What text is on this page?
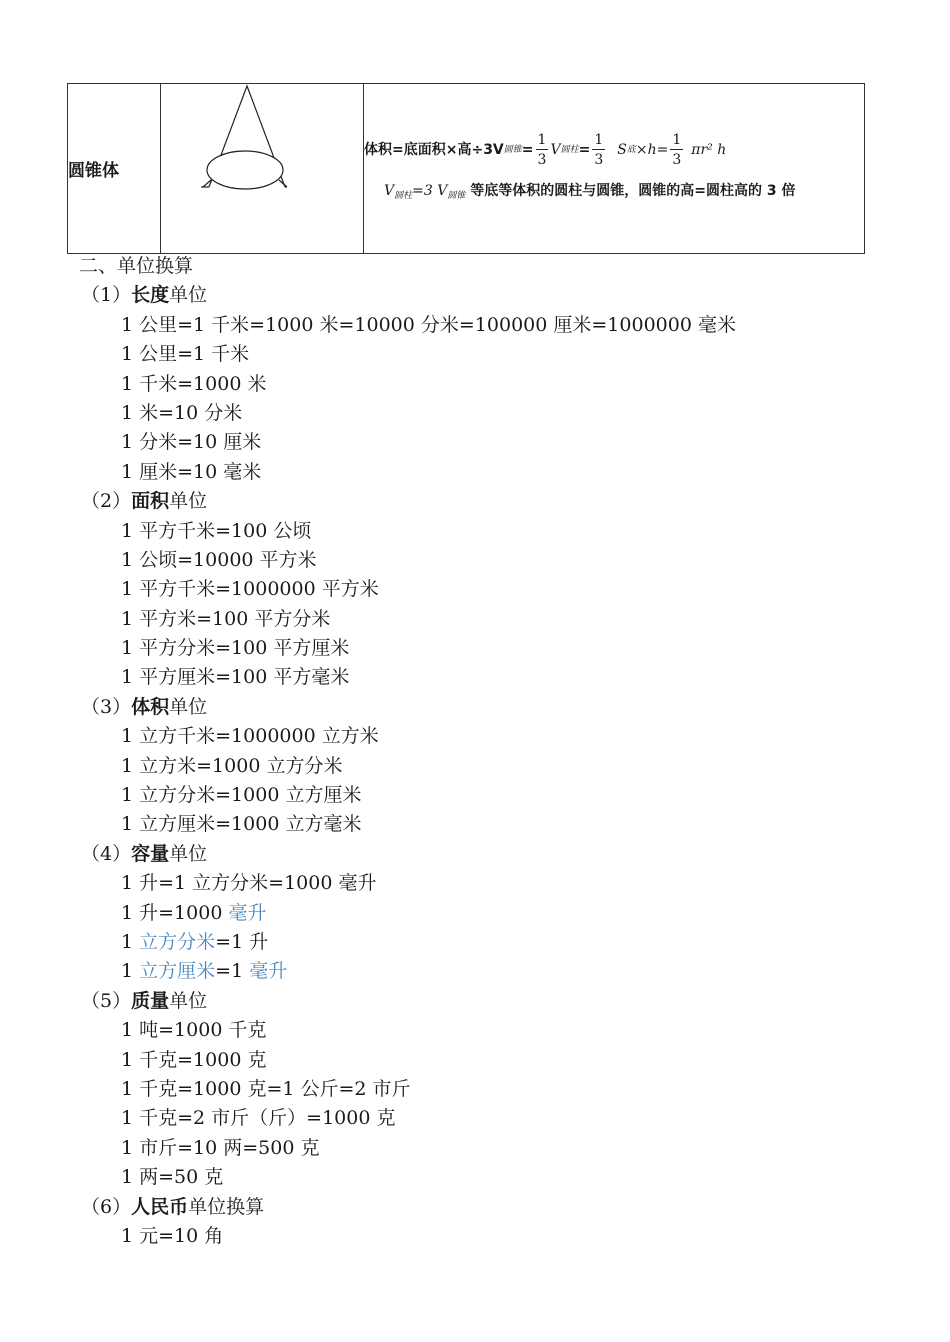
圆锥体		
体积=底面积×高÷3V 圆锥 = $\frac{1}{3}$ V 圆柱 = $\frac{1}{3}$ S 底 $\times h= \frac{1}{3} \pi r^2$ h
$V_{圆柱}=3$ $V_{圆锥}$ 等底等体积的圆柱与圆锥，圆锥的高=圆柱高的 3 倍
二、单位换算
（1）长度单位
1 公里=1 千米=1000 米=10000 分米=100000 厘米=1000000 毫米
1 公里=1 千米
1 千米=1000 米
1 米=10 分米
1 分米=10 厘米
1 厘米=10 毫米
（2）面积单位
1 平方千米=100 公顷
1 公顷=10000 平方米
1 平方千米=1000000 平方米
1 平方米=100 平方分米
1 平方分米=100 平方厘米
1 平方厘米=100 平方毫米
（3）体积单位
1 立方千米=1000000 立方米
1 立方米=1000 立方分米
1 立方分米=1000 立方厘米
1 立方厘米=1000 立方毫米
（4）容量单位
1 升=1 立方分米=1000 毫升
1 升=1000 毫升
1 立方分米=1 升
1 立方厘米=1 毫升
（5）质量单位
1 吨=1000 千克
1 千克=1000 克
1 千克=1000 克=1 公斤=2 市斤
1 千克=2 市斤（斤）=1000 克
1 市斤=10 两=500 克
1 两=50 克
（6）人民币单位换算
1 元=10 角
